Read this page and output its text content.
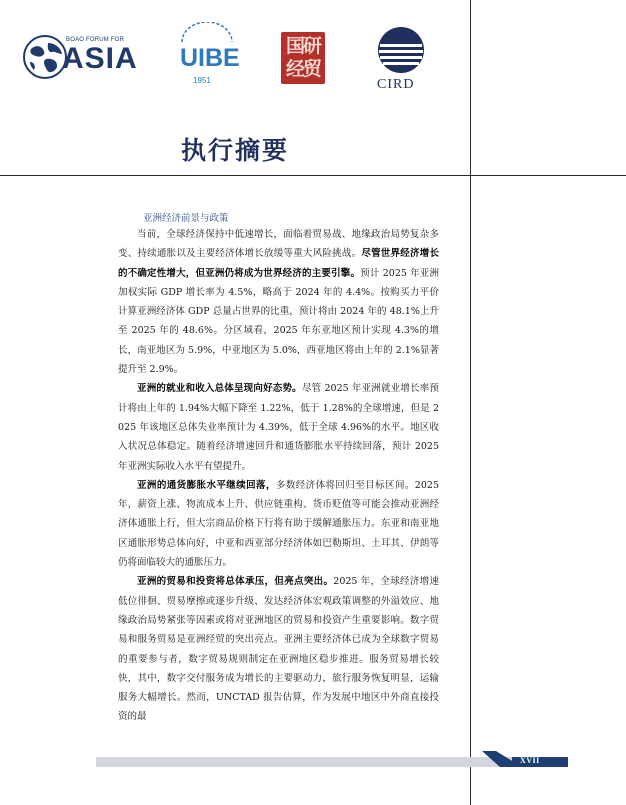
BOAO FORUM FOR
ASIA UIBE
1951
国研经贸
CIRD
执行摘要
亚洲经济前景与政策

当前，全球经济保持中低速增长，面临着贸易战、地缘政治局势复杂多变、持续通胀以及主要经济体增长放缓等重大风险挑战。尽管世界经济增长的不确定性增大，但亚洲仍将成为世界经济的主要引擎。预计 2025 年亚洲加权实际 GDP 增长率为 4.5%，略高于 2024 年的 4.4%。按购买力平价计算亚洲经济体 GDP 总量占世界的比重，预计将由 2024 年的 48.1%上升至 2025 年的 48.6%。分区域看，2025 年东亚地区预计实现 4.3%的增长，南亚地区为 5.9%，中亚地区为 5.0%，西亚地区将由上年的 2.1%显著提升至 2.9%。

亚洲的就业和收入总体呈现向好态势。尽管 2025 年亚洲就业增长率预计将由上年的 1.94%大幅下降至 1.22%，低于 1.28%的全球增速，但是 2025 年该地区总体失业率预计为 4.39%，低于全球 4.96%的水平。地区收入状况总体稳定。随着经济增速回升和通货膨胀水平持续回落，预计 2025 年亚洲实际收入水平有望提升。

亚洲的通货膨胀水平继续回落，多数经济体将回归至目标区间。2025 年，薪资上涨、物流成本上升、供应链重构、货币贬值等可能会推动亚洲经济体通胀上行，但大宗商品价格下行将有助于缓解通胀压力。东亚和南亚地区通胀形势总体向好，中亚和西亚部分经济体如巴勒斯坦、土耳其、伊朗等仍将面临较大的通胀压力。

亚洲的贸易和投资将总体承压，但亮点突出。2025 年，全球经济增速低位徘徊、贸易摩擦或逐步升级、发达经济体宏观政策调整的外溢效应、地缘政治局势紧张等因素或将对亚洲地区的贸易和投资产生重要影响。数字贸易和服务贸易是亚洲经贸的突出亮点。亚洲主要经济体已成为全球数字贸易的重要参与者，数字贸易规则制定在亚洲地区稳步推进。服务贸易增长较快，其中，数字交付服务成为增长的主要驱动力，旅行服务恢复明显，运输服务大幅增长。然而，UNCTAD 报告估算，作为发展中地区中外商直接投资的最

XVII
